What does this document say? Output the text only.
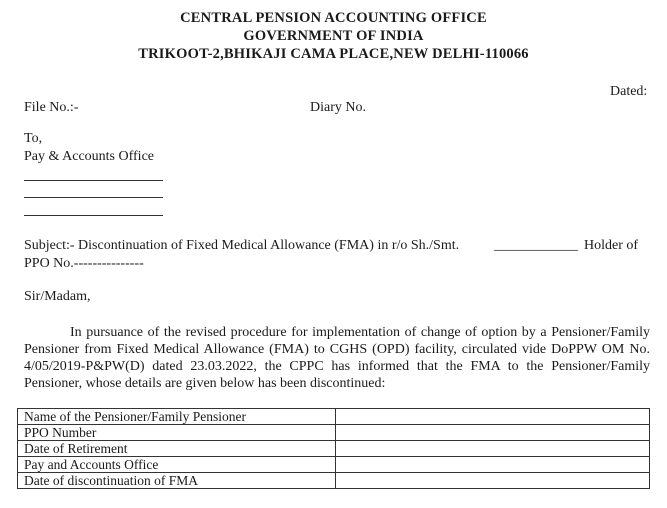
CENTRAL PENSION ACCOUNTING OFFICE
GOVERNMENT OF INDIA
TRIKOOT-2,BHIKAJI CAMA PLACE,NEW DELHI-110066
Dated:
File No.:-	Diary No.
To,
Pay & Accounts Office
Subject:- Discontinuation of Fixed Medical Allowance (FMA) in r/o Sh./Smt. ____________ Holder of
PPO No.---------------
Sir/Madam,
In pursuance of the revised procedure for implementation of change of option by a Pensioner/Family Pensioner from Fixed Medical Allowance (FMA) to CGHS (OPD) facility, circulated vide DoPPW OM No. 4/05/2019-P&PW(D) dated 23.03.2022, the CPPC has informed that the FMA to the Pensioner/Family Pensioner, whose details are given below has been discontinued:
Name of the Pensioner/Family Pensioner	
PPO Number	
Date of Retirement	
Pay and Accounts Office	
Date of discontinuation of FMA	
